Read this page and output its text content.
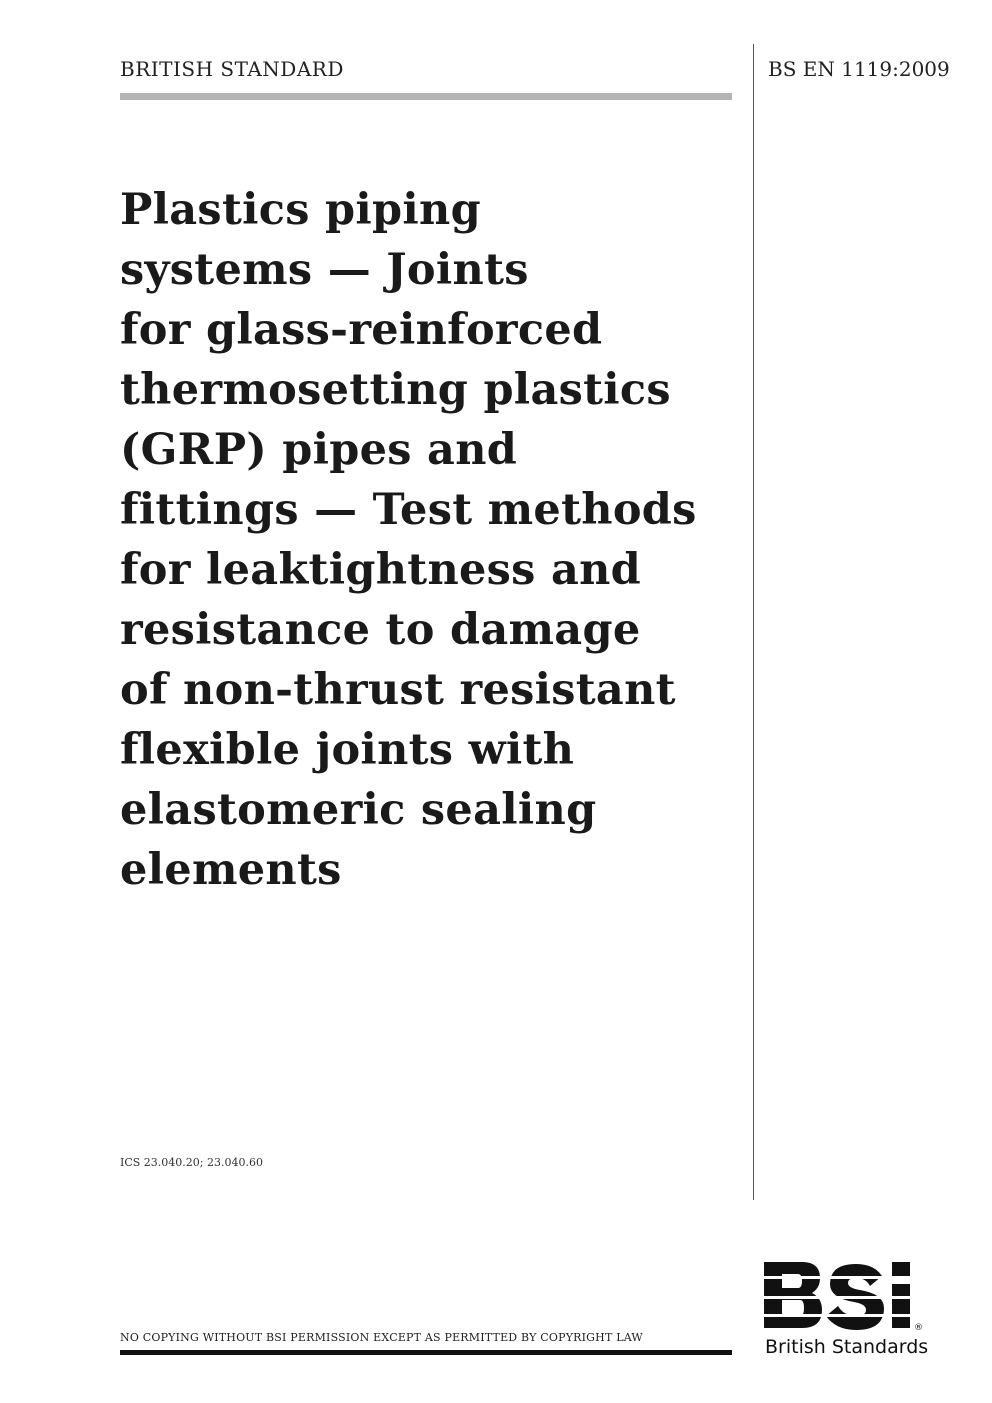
BRITISH STANDARD	BS EN 1119:2009
Plastics piping
systems — Joints
for glass-reinforced
thermosetting plastics
(GRP) pipes and
fittings — Test methods
for leaktightness and
resistance to damage
of non-thrust resistant
flexible joints with
elastomeric sealing
elements
ICS 23.040.20; 23.040.60
NO COPYING WITHOUT BSI PERMISSION EXCEPT AS PERMITTED BY COPYRIGHT LAW
®
British Standards
